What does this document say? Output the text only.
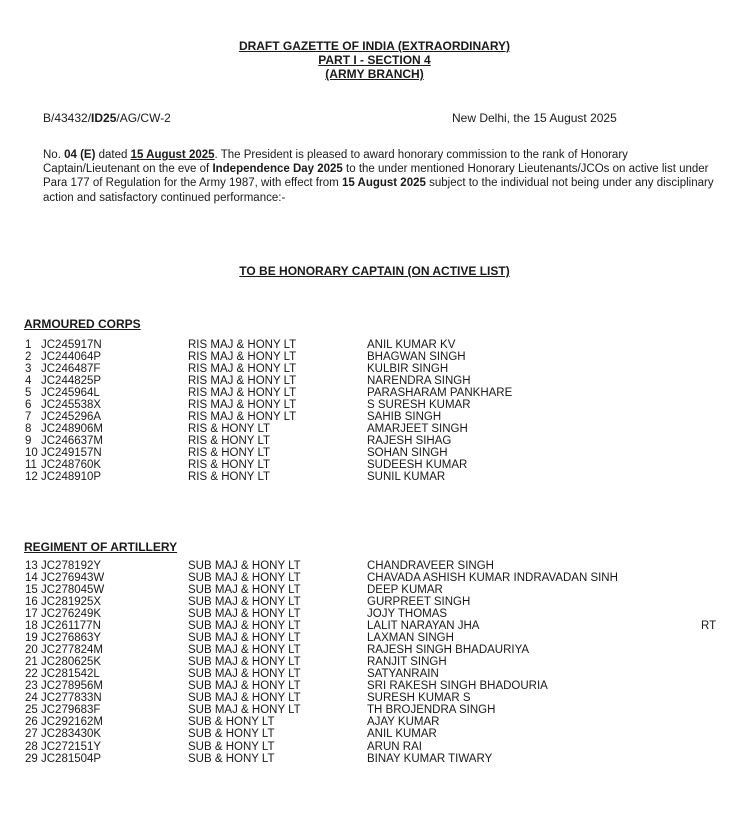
DRAFT GAZETTE OF INDIA (EXTRAORDINARY)
PART I - SECTION 4
(ARMY BRANCH)
B/43432/ID25/AG/CW-2	New Delhi, the 15 August 2025
No. 04 (E) dated 15 August 2025. The President is pleased to award honorary commission to the rank of Honorary Captain/Lieutenant on the eve of Independence Day 2025 to the under mentioned Honorary Lieutenants/JCOs on active list under Para 177 of Regulation for the Army 1987, with effect from 15 August 2025 subject to the individual not being under any disciplinary action and satisfactory continued performance:-
TO BE HONORARY CAPTAIN (ON ACTIVE LIST)
ARMOURED CORPS
1 JC245917N	RIS MAJ & HONY LT	ANIL KUMAR KV
2 JC244064P	RIS MAJ & HONY LT	BHAGWAN SINGH
3 JC246487F	RIS MAJ & HONY LT	KULBIR SINGH
4 JC244825P	RIS MAJ & HONY LT	NARENDRA SINGH
5 JC245964L	RIS MAJ & HONY LT	PARASHARAM PANKHARE
6 JC245538X	RIS MAJ & HONY LT	S SURESH KUMAR
7 JC245296A	RIS MAJ & HONY LT	SAHIB SINGH
8 JC248906M	RIS & HONY LT	AMARJEET SINGH
9 JC246637M	RIS & HONY LT	RAJESH SIHAG
10 JC249157N	RIS & HONY LT	SOHAN SINGH
11 JC248760K	RIS & HONY LT	SUDEESH KUMAR
12 JC248910P	RIS & HONY LT	SUNIL KUMAR
REGIMENT OF ARTILLERY
13 JC278192Y	SUB MAJ & HONY LT	CHANDRAVEER SINGH
14 JC276943W	SUB MAJ & HONY LT	CHAVADA ASHISH KUMAR INDRAVADAN SINH
15 JC278045W	SUB MAJ & HONY LT	DEEP KUMAR
16 JC281925X	SUB MAJ & HONY LT	GURPREET SINGH
17 JC276249K	SUB MAJ & HONY LT	JOJY THOMAS
18 JC261177N	SUB MAJ & HONY LT	LALIT NARAYAN JHA	RT
19 JC276863Y	SUB MAJ & HONY LT	LAXMAN SINGH
20 JC277824M	SUB MAJ & HONY LT	RAJESH SINGH BHADAURIYA
21 JC280625K	SUB MAJ & HONY LT	RANJIT SINGH
22 JC281542L	SUB MAJ & HONY LT	SATYANRAIN
23 JC278956M	SUB MAJ & HONY LT	SRI RAKESH SINGH BHADOURIA
24 JC277833N	SUB MAJ & HONY LT	SURESH KUMAR S
25 JC279683F	SUB MAJ & HONY LT	TH BROJENDRA SINGH
26 JC292162M	SUB & HONY LT	AJAY KUMAR
27 JC283430K	SUB & HONY LT	ANIL KUMAR
28 JC272151Y	SUB & HONY LT	ARUN RAI
29 JC281504P	SUB & HONY LT	BINAY KUMAR TIWARY
